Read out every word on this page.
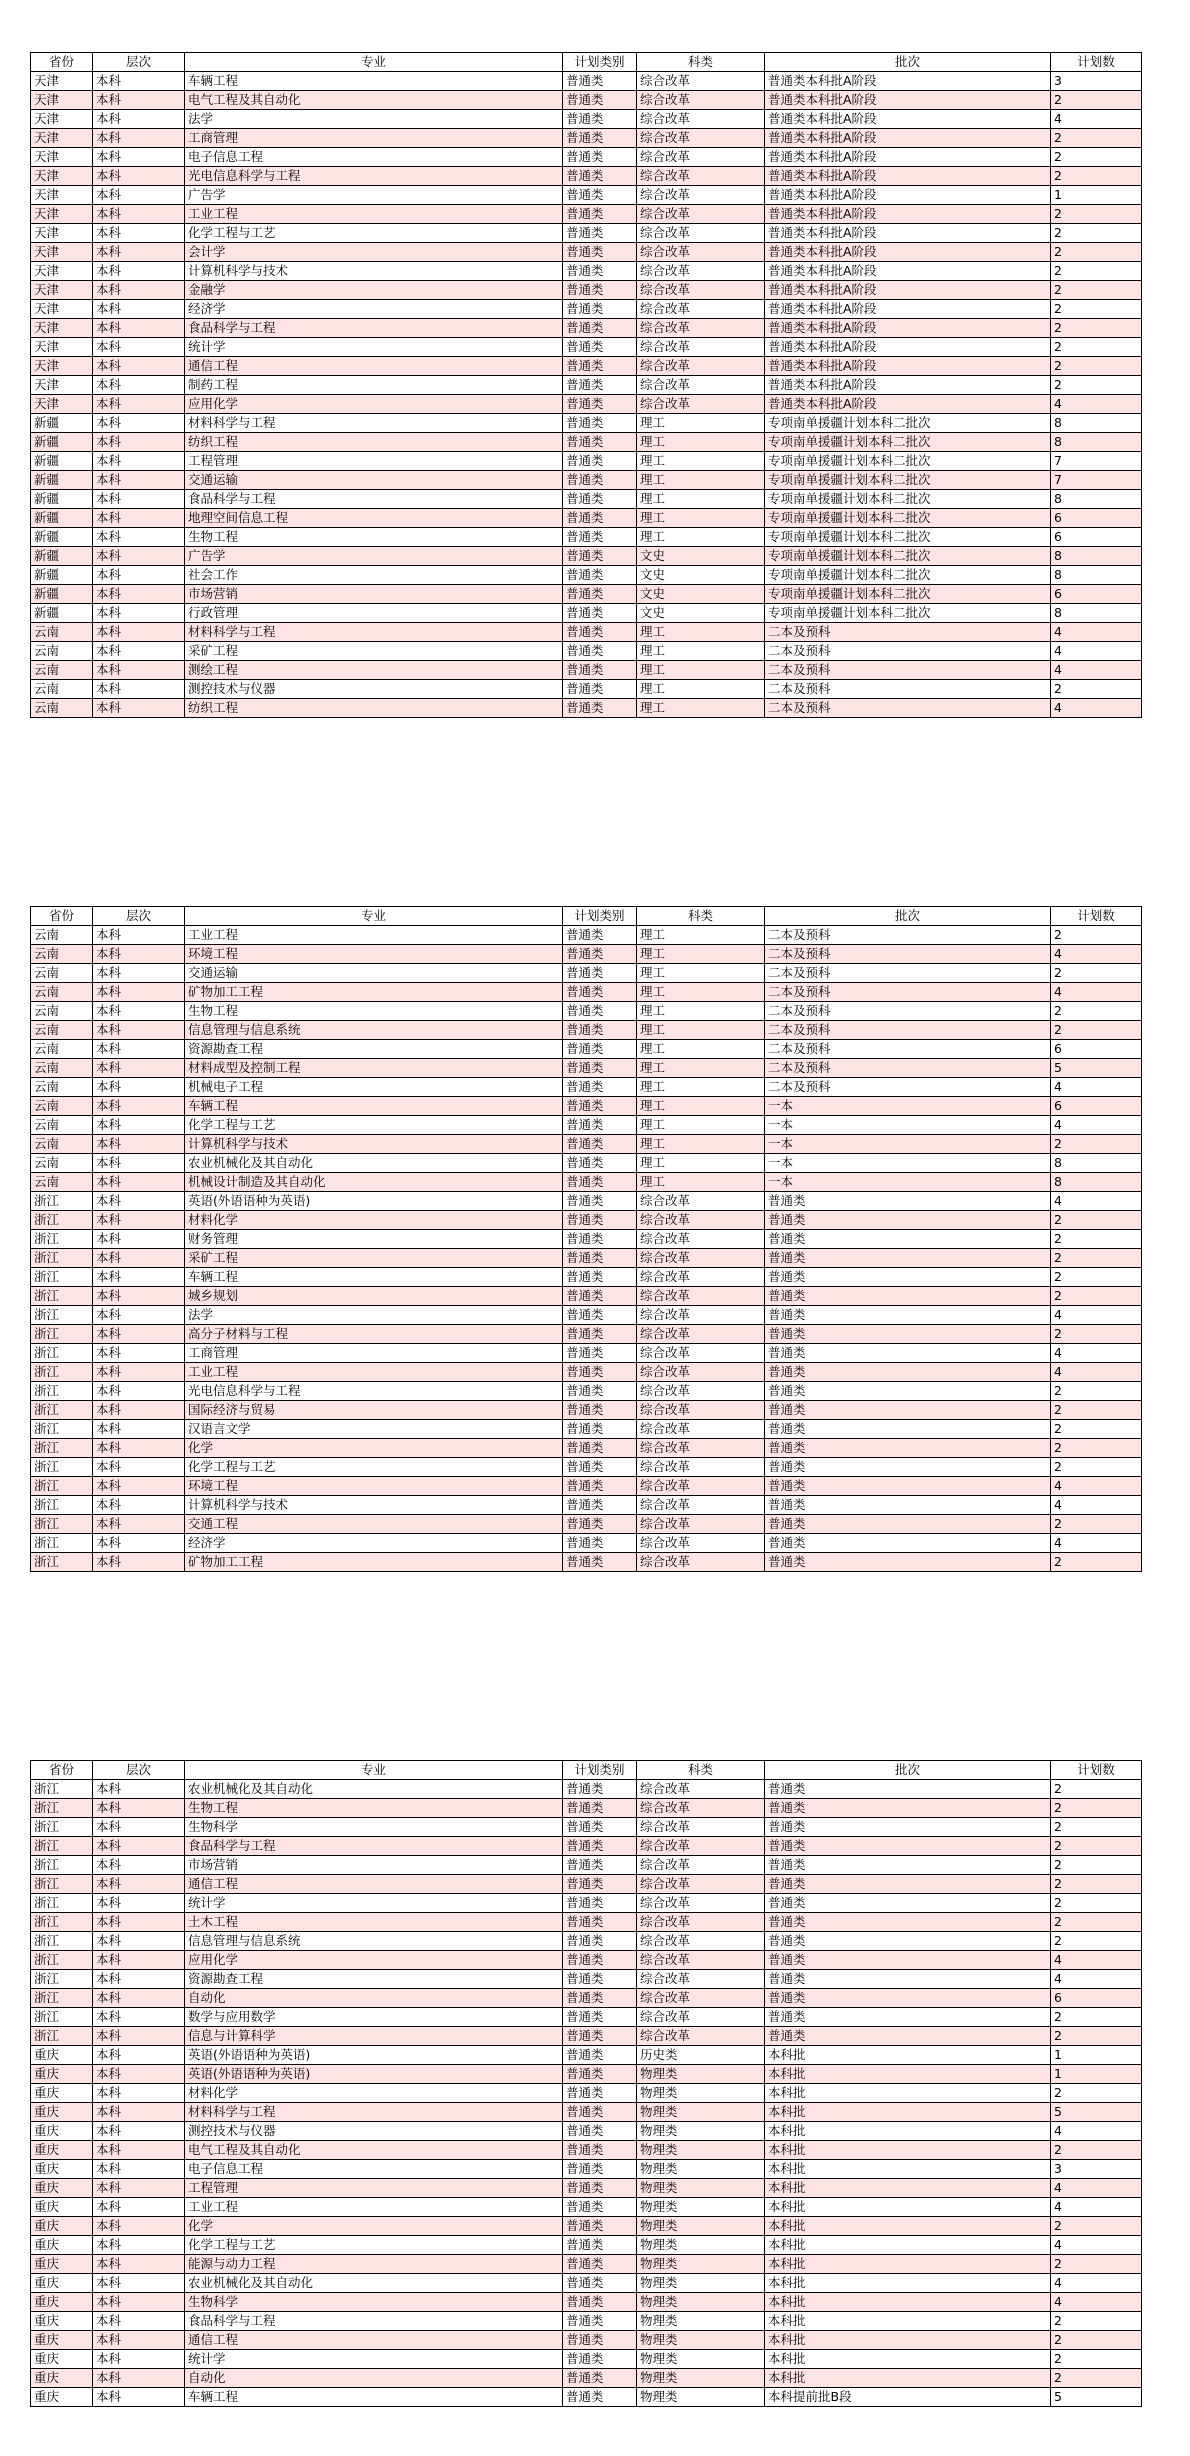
省份	层次	专业	计划类别	科类	批次	计划数
天津	本科	车辆工程	普通类	综合改革	普通类本科批A阶段	3
天津	本科	电气工程及其自动化	普通类	综合改革	普通类本科批A阶段	2
天津	本科	法学	普通类	综合改革	普通类本科批A阶段	4
天津	本科	工商管理	普通类	综合改革	普通类本科批A阶段	2
天津	本科	电子信息工程	普通类	综合改革	普通类本科批A阶段	2
天津	本科	光电信息科学与工程	普通类	综合改革	普通类本科批A阶段	2
天津	本科	广告学	普通类	综合改革	普通类本科批A阶段	1
天津	本科	工业工程	普通类	综合改革	普通类本科批A阶段	2
天津	本科	化学工程与工艺	普通类	综合改革	普通类本科批A阶段	2
天津	本科	会计学	普通类	综合改革	普通类本科批A阶段	2
天津	本科	计算机科学与技术	普通类	综合改革	普通类本科批A阶段	2
天津	本科	金融学	普通类	综合改革	普通类本科批A阶段	2
天津	本科	经济学	普通类	综合改革	普通类本科批A阶段	2
天津	本科	食品科学与工程	普通类	综合改革	普通类本科批A阶段	2
天津	本科	统计学	普通类	综合改革	普通类本科批A阶段	2
天津	本科	通信工程	普通类	综合改革	普通类本科批A阶段	2
天津	本科	制药工程	普通类	综合改革	普通类本科批A阶段	2
天津	本科	应用化学	普通类	综合改革	普通类本科批A阶段	4
新疆	本科	材料科学与工程	普通类	理工	专项南单援疆计划本科二批次	8
新疆	本科	纺织工程	普通类	理工	专项南单援疆计划本科二批次	8
新疆	本科	工程管理	普通类	理工	专项南单援疆计划本科二批次	7
新疆	本科	交通运输	普通类	理工	专项南单援疆计划本科二批次	7
新疆	本科	食品科学与工程	普通类	理工	专项南单援疆计划本科二批次	8
新疆	本科	地理空间信息工程	普通类	理工	专项南单援疆计划本科二批次	6
新疆	本科	生物工程	普通类	理工	专项南单援疆计划本科二批次	6
新疆	本科	广告学	普通类	文史	专项南单援疆计划本科二批次	8
新疆	本科	社会工作	普通类	文史	专项南单援疆计划本科二批次	8
新疆	本科	市场营销	普通类	文史	专项南单援疆计划本科二批次	6
新疆	本科	行政管理	普通类	文史	专项南单援疆计划本科二批次	8
云南	本科	材料科学与工程	普通类	理工	二本及预科	4
云南	本科	采矿工程	普通类	理工	二本及预科	4
云南	本科	测绘工程	普通类	理工	二本及预科	4
云南	本科	测控技术与仪器	普通类	理工	二本及预科	2
云南	本科	纺织工程	普通类	理工	二本及预科	4
省份	层次	专业	计划类别	科类	批次	计划数
云南	本科	工业工程	普通类	理工	二本及预科	2
云南	本科	环境工程	普通类	理工	二本及预科	4
云南	本科	交通运输	普通类	理工	二本及预科	2
云南	本科	矿物加工工程	普通类	理工	二本及预科	4
云南	本科	生物工程	普通类	理工	二本及预科	2
云南	本科	信息管理与信息系统	普通类	理工	二本及预科	2
云南	本科	资源勘查工程	普通类	理工	二本及预科	6
云南	本科	材料成型及控制工程	普通类	理工	二本及预科	5
云南	本科	机械电子工程	普通类	理工	二本及预科	4
云南	本科	车辆工程	普通类	理工	一本	6
云南	本科	化学工程与工艺	普通类	理工	一本	4
云南	本科	计算机科学与技术	普通类	理工	一本	2
云南	本科	农业机械化及其自动化	普通类	理工	一本	8
云南	本科	机械设计制造及其自动化	普通类	理工	一本	8
浙江	本科	英语(外语语种为英语)	普通类	综合改革	普通类	4
浙江	本科	材料化学	普通类	综合改革	普通类	2
浙江	本科	财务管理	普通类	综合改革	普通类	2
浙江	本科	采矿工程	普通类	综合改革	普通类	2
浙江	本科	车辆工程	普通类	综合改革	普通类	2
浙江	本科	城乡规划	普通类	综合改革	普通类	2
浙江	本科	法学	普通类	综合改革	普通类	4
浙江	本科	高分子材料与工程	普通类	综合改革	普通类	2
浙江	本科	工商管理	普通类	综合改革	普通类	4
浙江	本科	工业工程	普通类	综合改革	普通类	4
浙江	本科	光电信息科学与工程	普通类	综合改革	普通类	2
浙江	本科	国际经济与贸易	普通类	综合改革	普通类	2
浙江	本科	汉语言文学	普通类	综合改革	普通类	2
浙江	本科	化学	普通类	综合改革	普通类	2
浙江	本科	化学工程与工艺	普通类	综合改革	普通类	2
浙江	本科	环境工程	普通类	综合改革	普通类	4
浙江	本科	计算机科学与技术	普通类	综合改革	普通类	4
浙江	本科	交通工程	普通类	综合改革	普通类	2
浙江	本科	经济学	普通类	综合改革	普通类	4
浙江	本科	矿物加工工程	普通类	综合改革	普通类	2
省份	层次	专业	计划类别	科类	批次	计划数
浙江	本科	农业机械化及其自动化	普通类	综合改革	普通类	2
浙江	本科	生物工程	普通类	综合改革	普通类	2
浙江	本科	生物科学	普通类	综合改革	普通类	2
浙江	本科	食品科学与工程	普通类	综合改革	普通类	2
浙江	本科	市场营销	普通类	综合改革	普通类	2
浙江	本科	通信工程	普通类	综合改革	普通类	2
浙江	本科	统计学	普通类	综合改革	普通类	2
浙江	本科	土木工程	普通类	综合改革	普通类	2
浙江	本科	信息管理与信息系统	普通类	综合改革	普通类	2
浙江	本科	应用化学	普通类	综合改革	普通类	4
浙江	本科	资源勘查工程	普通类	综合改革	普通类	4
浙江	本科	自动化	普通类	综合改革	普通类	6
浙江	本科	数学与应用数学	普通类	综合改革	普通类	2
浙江	本科	信息与计算科学	普通类	综合改革	普通类	2
重庆	本科	英语(外语语种为英语)	普通类	历史类	本科批	1
重庆	本科	英语(外语语种为英语)	普通类	物理类	本科批	1
重庆	本科	材料化学	普通类	物理类	本科批	2
重庆	本科	材料科学与工程	普通类	物理类	本科批	5
重庆	本科	测控技术与仪器	普通类	物理类	本科批	4
重庆	本科	电气工程及其自动化	普通类	物理类	本科批	2
重庆	本科	电子信息工程	普通类	物理类	本科批	3
重庆	本科	工程管理	普通类	物理类	本科批	4
重庆	本科	工业工程	普通类	物理类	本科批	4
重庆	本科	化学	普通类	物理类	本科批	2
重庆	本科	化学工程与工艺	普通类	物理类	本科批	4
重庆	本科	能源与动力工程	普通类	物理类	本科批	2
重庆	本科	农业机械化及其自动化	普通类	物理类	本科批	4
重庆	本科	生物科学	普通类	物理类	本科批	4
重庆	本科	食品科学与工程	普通类	物理类	本科批	2
重庆	本科	通信工程	普通类	物理类	本科批	2
重庆	本科	统计学	普通类	物理类	本科批	2
重庆	本科	自动化	普通类	物理类	本科批	2
重庆	本科	车辆工程	普通类	物理类	本科提前批B段	5
